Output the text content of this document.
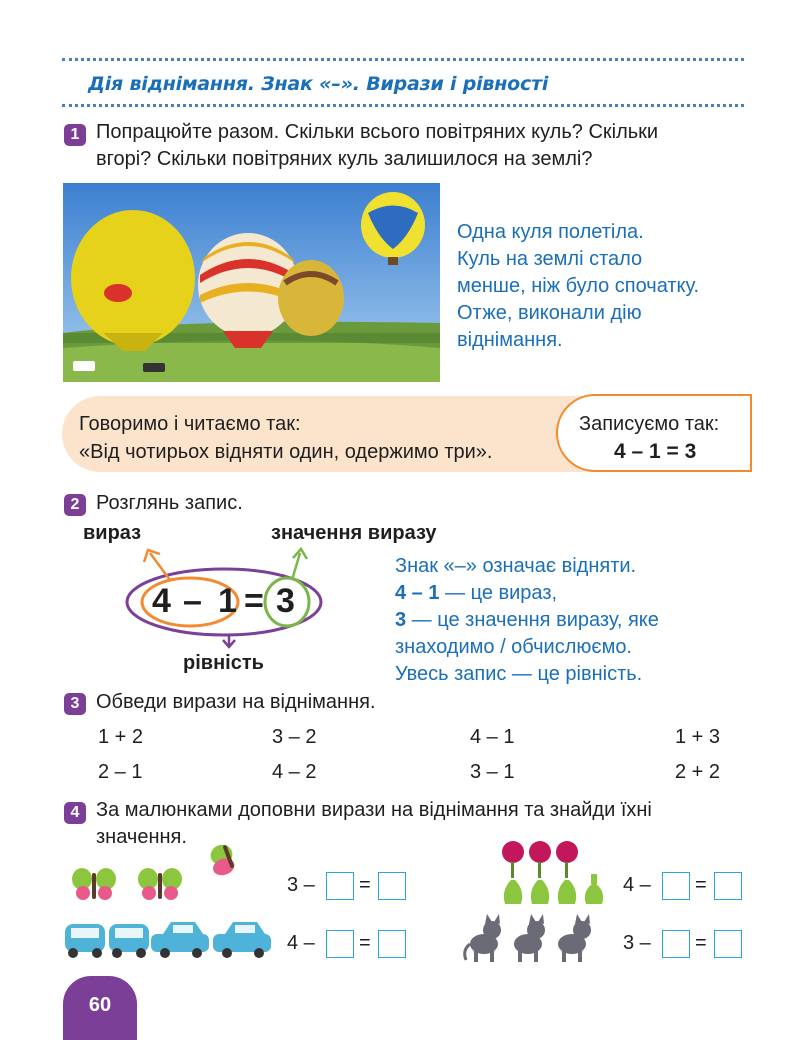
Дія віднімання. Знак «–». Вирази і рівності
1 Попрацюйте разом. Скільки всього повітряних куль? Скільки
вгорі? Скільки повітряних куль залишилося на землі?
Одна куля полетіла.
Куль на землі стало
менше, ніж було спочатку.
Отже, виконали дію
віднімання.
Говоримо і читаємо так:
«Від чотирьох відняти один, одержимо три».
Записуємо так:
4 – 1 = 3
2 Розглянь запис.
вираз	значення виразу
4 – 1 = 3
рівність
Знак «–» означає відняти.
4 – 1 — це вираз,
3 — це значення виразу, яке
знаходимо / обчислюємо.
Увесь запис — це рівність.
3 Обведи вирази на віднімання.
1 + 2	3 – 2	4 – 1	1 + 3
2 – 1	4 – 2	3 – 1	2 + 2
4 За малюнками доповни вирази на віднімання та знайди їхні
значення.
3 – =
4 – =
4 – =
3 – =
60
